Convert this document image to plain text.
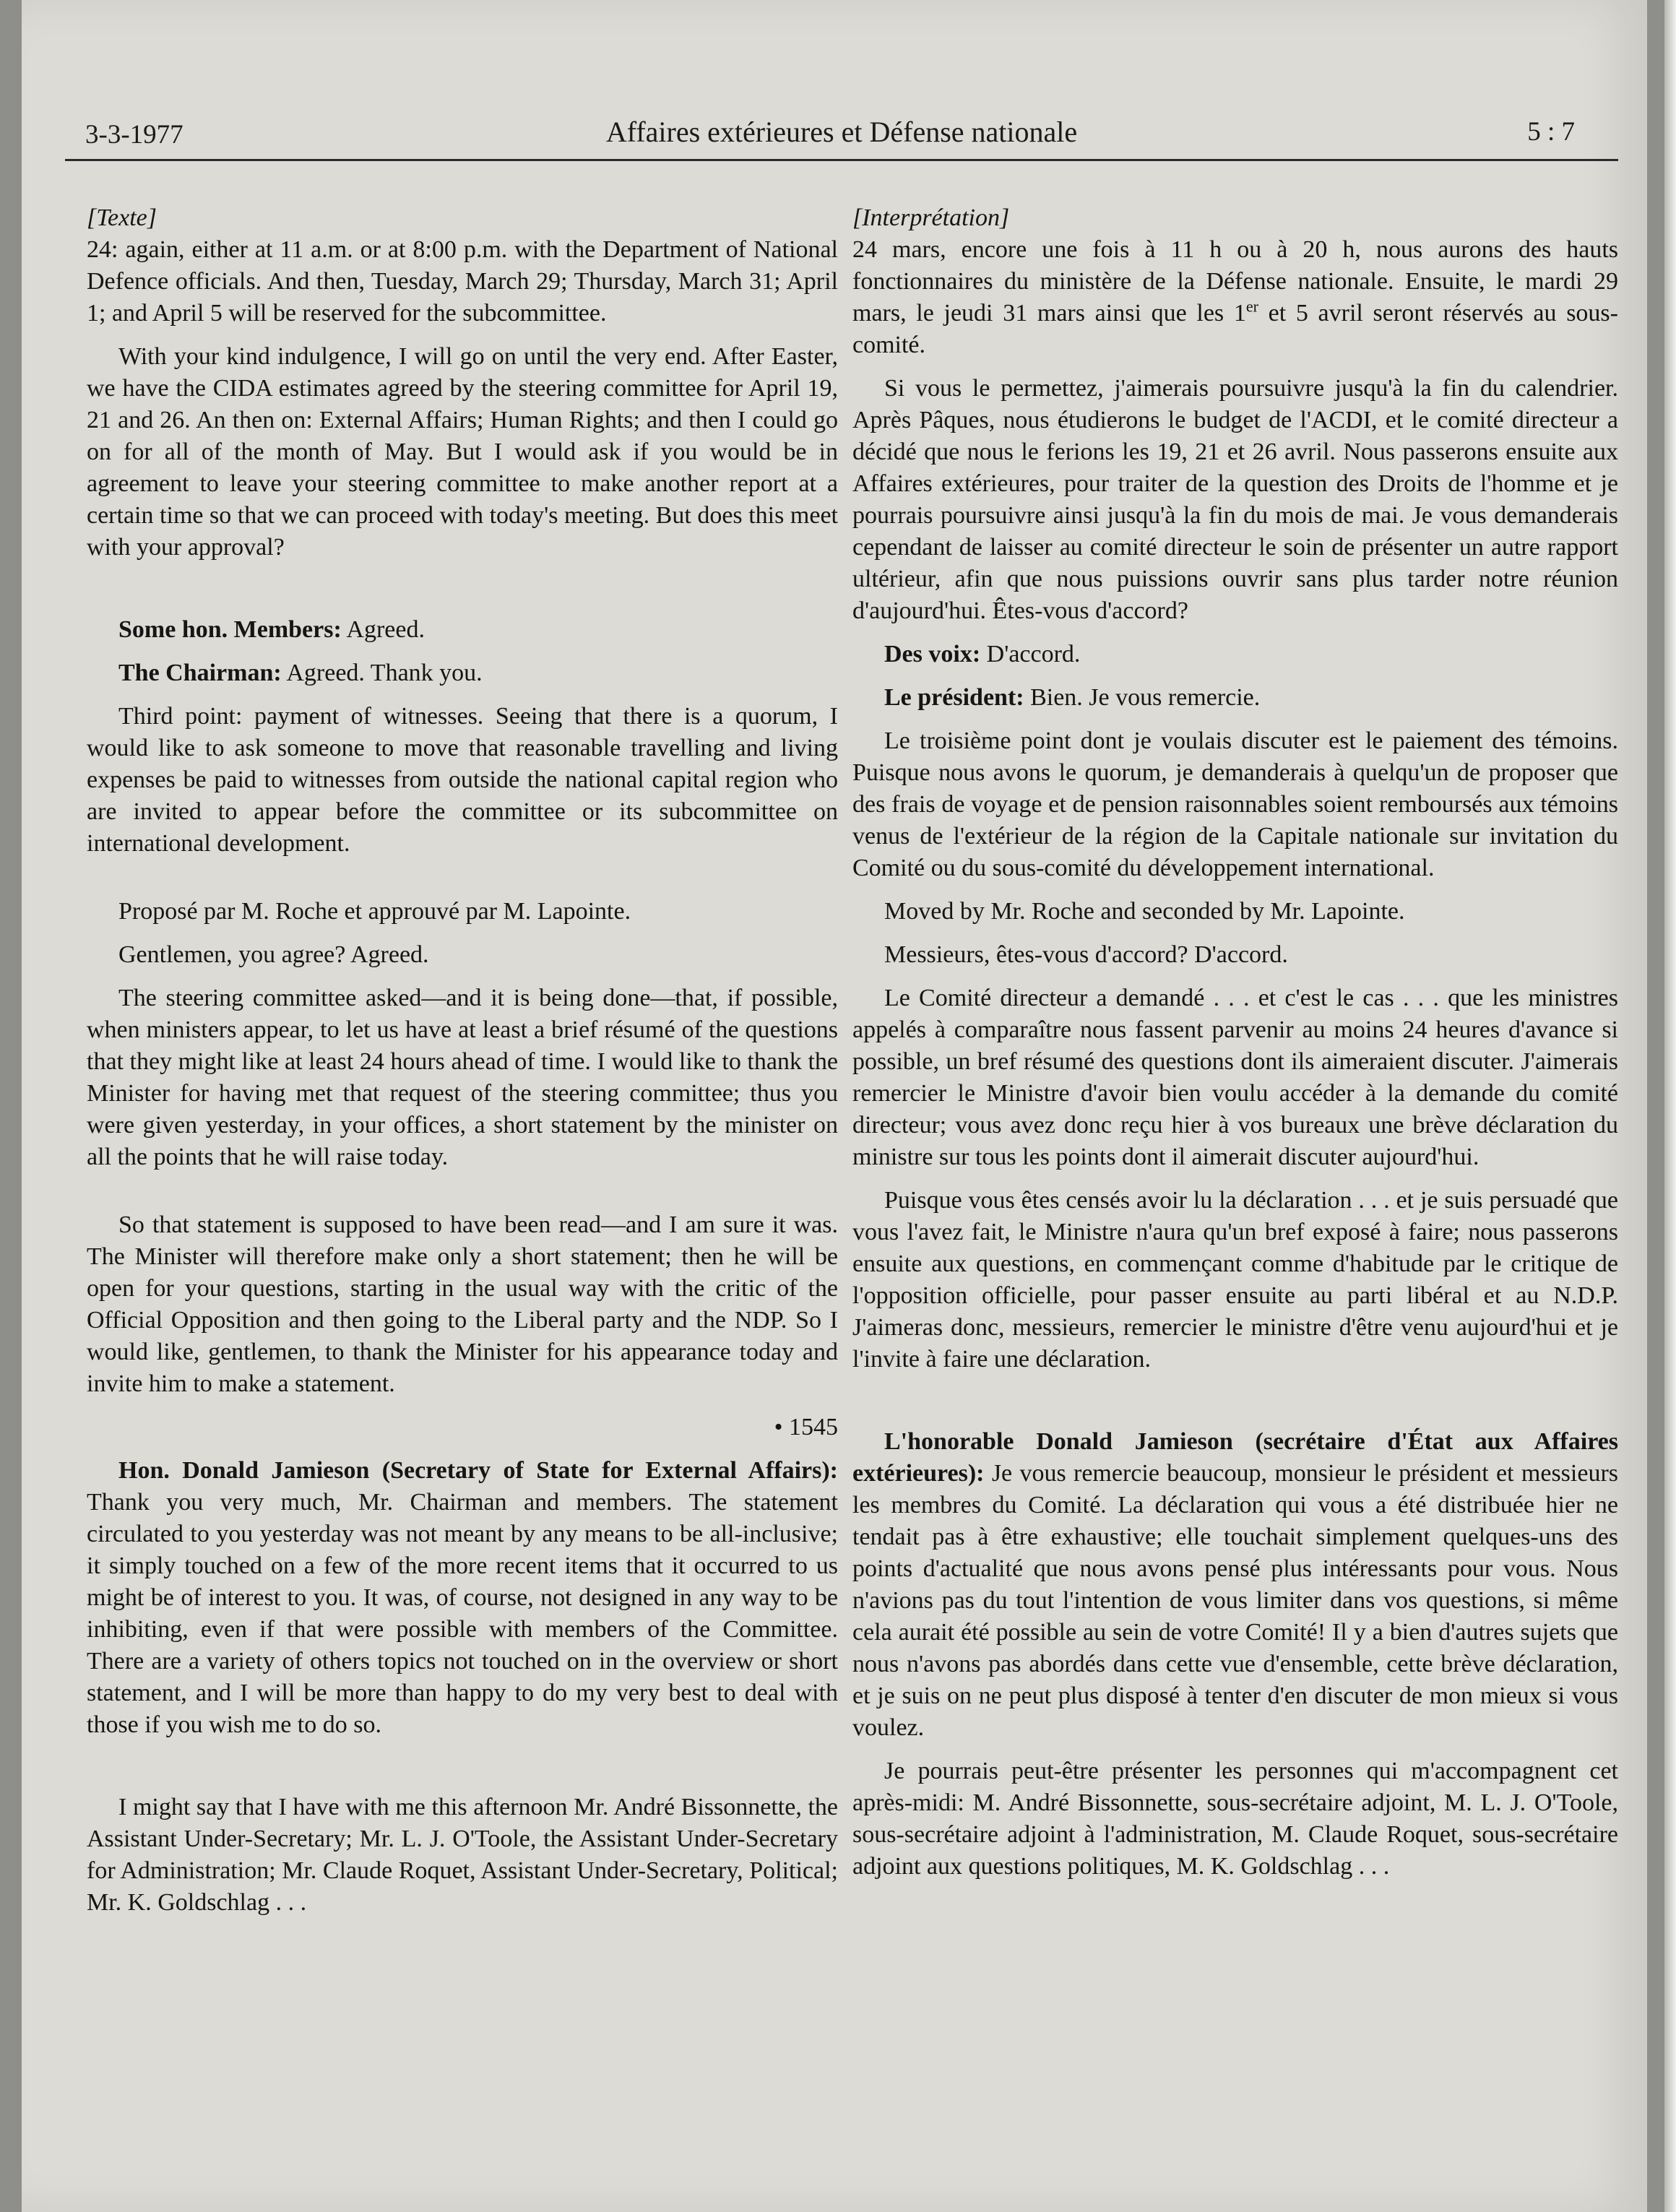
3-3-1977	Affaires extérieures et Défense nationale	5 : 7

[Texte]

24: again, either at 11 a.m. or at 8:00 p.m. with the Department of National Defence officials. And then, Tuesday, March 29; Thursday, March 31; April 1; and April 5 will be reserved for the subcommittee.

With your kind indulgence, I will go on until the very end. After Easter, we have the CIDA estimates agreed by the steering committee for April 19, 21 and 26. An then on: External Affairs; Human Rights; and then I could go on for all of the month of May. But I would ask if you would be in agreement to leave your steering committee to make another report at a certain time so that we can proceed with today's meeting. But does this meet with your approval?

Some hon. Members: Agreed.

The Chairman: Agreed. Thank you.

Third point: payment of witnesses. Seeing that there is a quorum, I would like to ask someone to move that reasonable travelling and living expenses be paid to witnesses from outside the national capital region who are invited to appear before the committee or its subcommittee on international development.

Proposé par M. Roche et approuvé par M. Lapointe.

Gentlemen, you agree? Agreed.

The steering committee asked—and it is being done—that, if possible, when ministers appear, to let us have at least a brief résumé of the questions that they might like at least 24 hours ahead of time. I would like to thank the Minister for having met that request of the steering committee; thus you were given yesterday, in your offices, a short statement by the minister on all the points that he will raise today.

So that statement is supposed to have been read—and I am sure it was. The Minister will therefore make only a short statement; then he will be open for your questions, starting in the usual way with the critic of the Official Opposition and then going to the Liberal party and the NDP. So I would like, gentlemen, to thank the Minister for his appearance today and invite him to make a statement.

• 1545

Hon. Donald Jamieson (Secretary of State for External Affairs): Thank you very much, Mr. Chairman and members. The statement circulated to you yesterday was not meant by any means to be all-inclusive; it simply touched on a few of the more recent items that it occurred to us might be of interest to you. It was, of course, not designed in any way to be inhibiting, even if that were possible with members of the Committee. There are a variety of others topics not touched on in the overview or short statement, and I will be more than happy to do my very best to deal with those if you wish me to do so.

I might say that I have with me this afternoon Mr. André Bissonnette, the Assistant Under-Secretary; Mr. L. J. O'Toole, the Assistant Under-Secretary for Administration; Mr. Claude Roquet, Assistant Under-Secretary, Political; Mr. K. Goldschlag . . .

[Interprétation]

24 mars, encore une fois à 11 h ou à 20 h, nous aurons des hauts fonctionnaires du ministère de la Défense nationale. Ensuite, le mardi 29 mars, le jeudi 31 mars ainsi que les 1er et 5 avril seront réservés au sous-comité.

Si vous le permettez, j'aimerais poursuivre jusqu'à la fin du calendrier. Après Pâques, nous étudierons le budget de l'ACDI, et le comité directeur a décidé que nous le ferions les 19, 21 et 26 avril. Nous passerons ensuite aux Affaires extérieures, pour traiter de la question des Droits de l'homme et je pourrais poursuivre ainsi jusqu'à la fin du mois de mai. Je vous demanderais cependant de laisser au comité directeur le soin de présenter un autre rapport ultérieur, afin que nous puissions ouvrir sans plus tarder notre réunion d'aujourd'hui. Êtes-vous d'accord?

Des voix: D'accord.

Le président: Bien. Je vous remercie.

Le troisième point dont je voulais discuter est le paiement des témoins. Puisque nous avons le quorum, je demanderais à quelqu'un de proposer que des frais de voyage et de pension raisonnables soient remboursés aux témoins venus de l'extérieur de la région de la Capitale nationale sur invitation du Comité ou du sous-comité du développement international.

Moved by Mr. Roche and seconded by Mr. Lapointe.

Messieurs, êtes-vous d'accord? D'accord.

Le Comité directeur a demandé . . . et c'est le cas . . . que les ministres appelés à comparaître nous fassent parvenir au moins 24 heures d'avance si possible, un bref résumé des questions dont ils aimeraient discuter. J'aimerais remercier le Ministre d'avoir bien voulu accéder à la demande du comité directeur; vous avez donc reçu hier à vos bureaux une brève déclaration du ministre sur tous les points dont il aimerait discuter aujourd'hui.

Puisque vous êtes censés avoir lu la déclaration . . . et je suis persuadé que vous l'avez fait, le Ministre n'aura qu'un bref exposé à faire; nous passerons ensuite aux questions, en commençant comme d'habitude par le critique de l'opposition officielle, pour passer ensuite au parti libéral et au N.D.P. J'aimeras donc, messieurs, remercier le ministre d'être venu aujourd'hui et je l'invite à faire une déclaration.

L'honorable Donald Jamieson (secrétaire d'État aux Affaires extérieures): Je vous remercie beaucoup, monsieur le président et messieurs les membres du Comité. La déclaration qui vous a été distribuée hier ne tendait pas à être exhaustive; elle touchait simplement quelques-uns des points d'actualité que nous avons pensé plus intéressants pour vous. Nous n'avions pas du tout l'intention de vous limiter dans vos questions, si même cela aurait été possible au sein de votre Comité! Il y a bien d'autres sujets que nous n'avons pas abordés dans cette vue d'ensemble, cette brève déclaration, et je suis on ne peut plus disposé à tenter d'en discuter de mon mieux si vous voulez.

Je pourrais peut-être présenter les personnes qui m'accompagnent cet après-midi: M. André Bissonnette, sous-secrétaire adjoint, M. L. J. O'Toole, sous-secrétaire adjoint à l'administration, M. Claude Roquet, sous-secrétaire adjoint aux questions politiques, M. K. Goldschlag . . .
